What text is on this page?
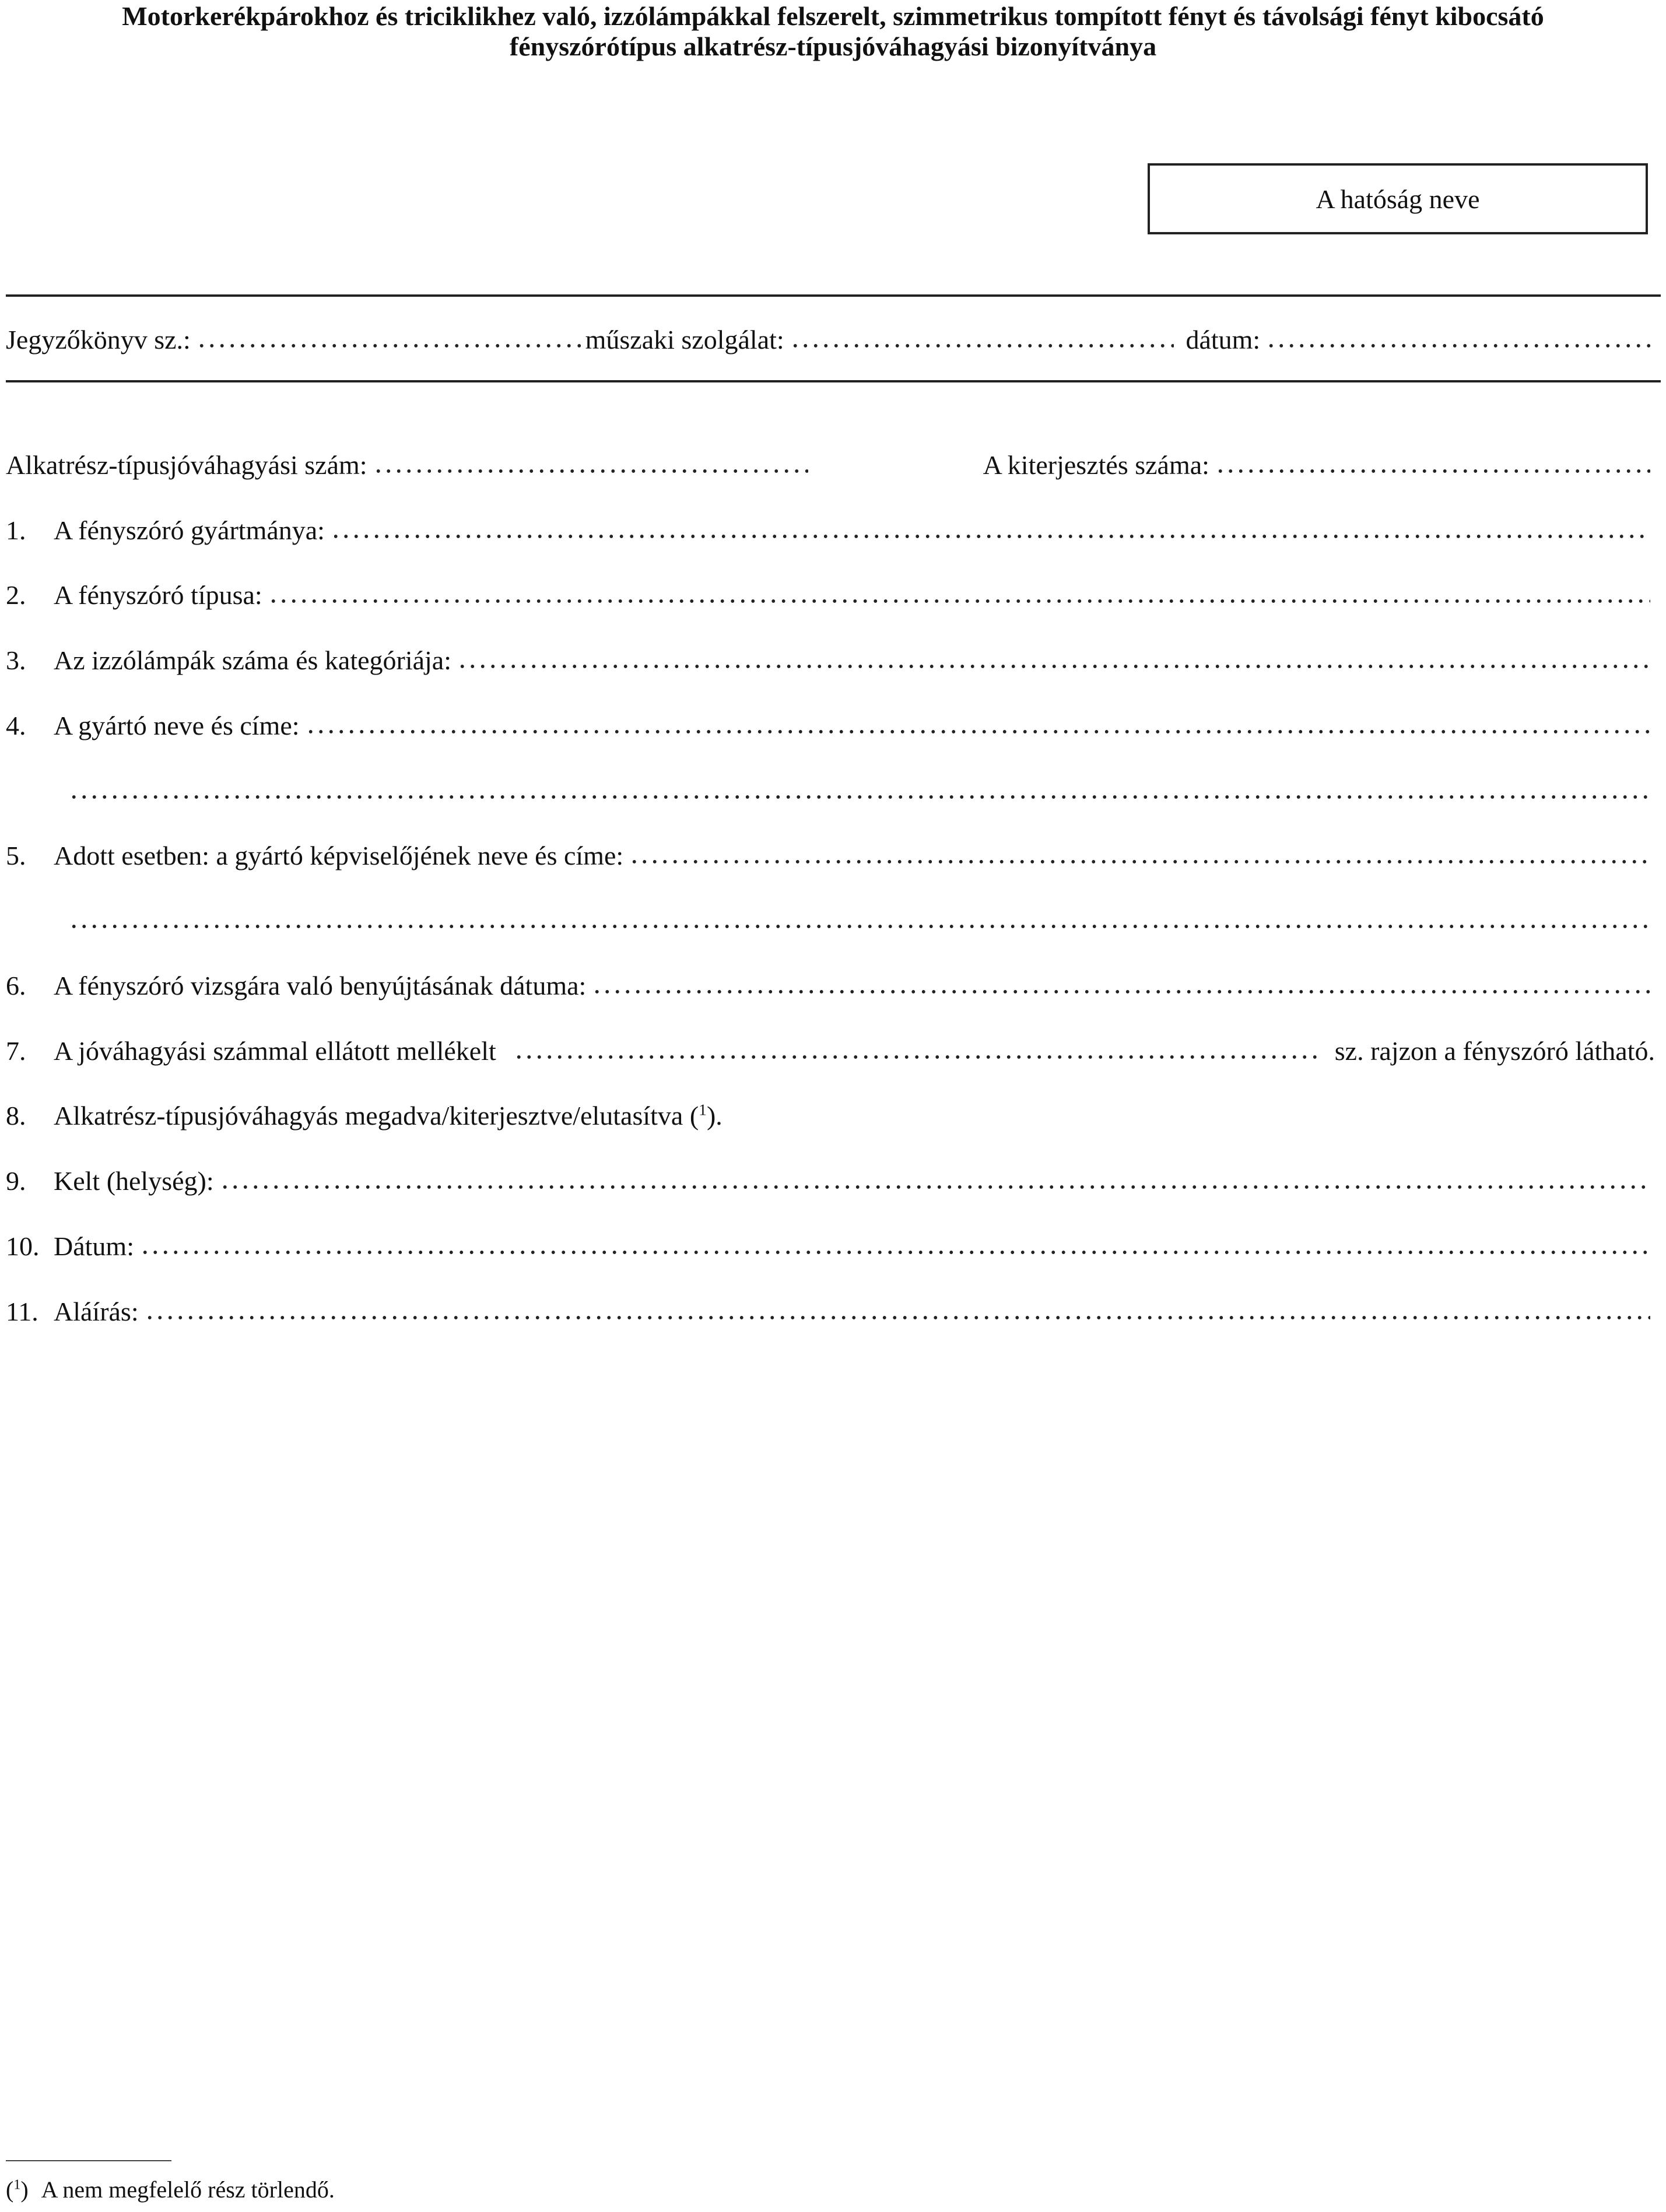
Motorkerékpárokhoz és triciklikhez való, izzólámpákkal felszerelt, szimmetrikus tompított fényt és távolsági fényt kibocsátó
fényszórótípus alkatrész-típusjóváhagyási bizonyítványa
A hatóság neve
Jegyzőkönyv sz.:	műszaki szolgálat:	dátum:
Alkatrész-típusjóváhagyási szám:	A kiterjesztés száma:
1.	A fényszóró gyártmánya:
2.	A fényszóró típusa:
3.	Az izzólámpák száma és kategóriája:
4.	A gyártó neve és címe:
5.	Adott esetben: a gyártó képviselőjének neve és címe:
6.	A fényszóró vizsgára való benyújtásának dátuma:
7.	A jóváhagyási számmal ellátott mellékelt	sz. rajzon a fényszóró látható.
8.	Alkatrész-típusjóváhagyás megadva/kiterjesztve/elutasítva ($^1$).
9.	Kelt (helység):
10. Dátum:
11. Aláírás:
($^1$) A nem megfelelő rész törlendő.
